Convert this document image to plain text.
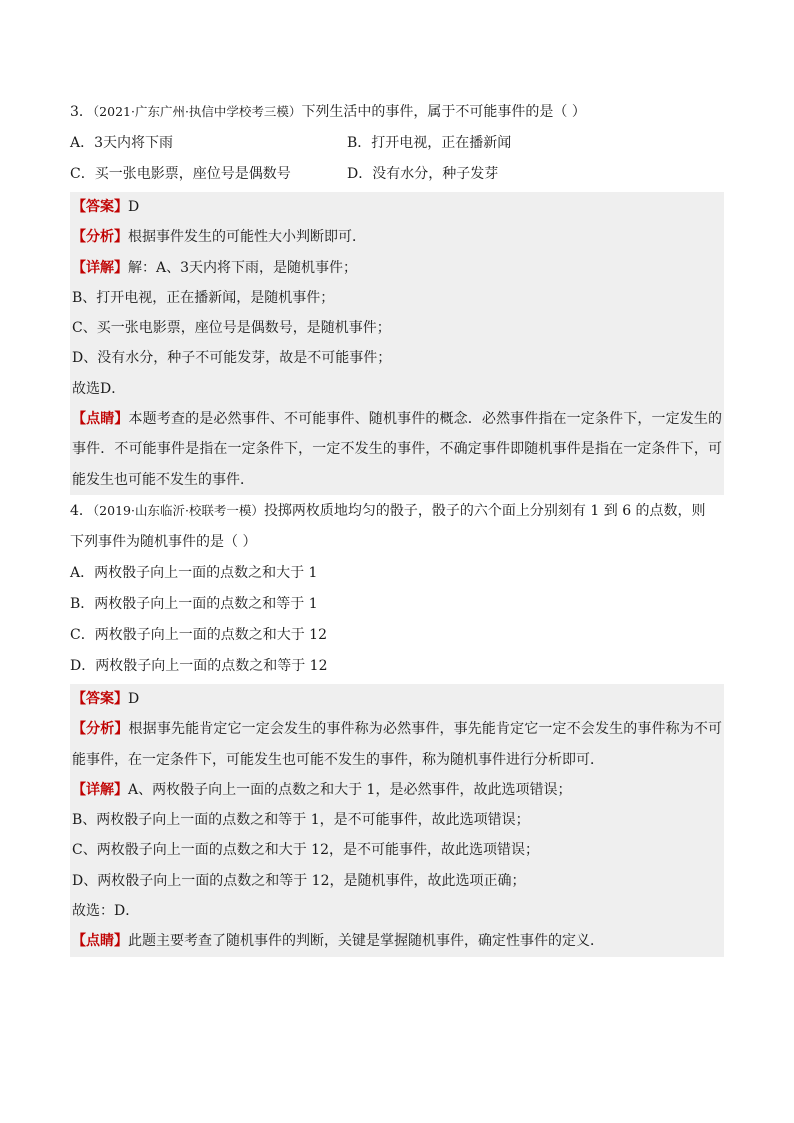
3．（2021·广东广州·执信中学校考三模）下列生活中的事件，属于不可能事件的是（ ）
A．3天内将下雨	B．打开电视，正在播新闻
C．买一张电影票，座位号是偶数号	D．没有水分，种子发芽
【答案】D
【分析】根据事件发生的可能性大小判断即可．
【详解】解：A、3天内将下雨，是随机事件；
B、打开电视，正在播新闻，是随机事件；
C、买一张电影票，座位号是偶数号，是随机事件；
D、没有水分，种子不可能发芽，故是不可能事件；
故选D．
【点睛】本题考查的是必然事件、不可能事件、随机事件的概念．必然事件指在一定条件下，一定发生的事件．不可能事件是指在一定条件下，一定不发生的事件，不确定事件即随机事件是指在一定条件下，可能发生也可能不发生的事件．
4．（2019·山东临沂·校联考一模）投掷两枚质地均匀的骰子，骰子的六个面上分别刻有 1 到 6 的点数，则
下列事件为随机事件的是（ ）
A．两枚骰子向上一面的点数之和大于 1
B．两枚骰子向上一面的点数之和等于 1
C．两枚骰子向上一面的点数之和大于 12
D．两枚骰子向上一面的点数之和等于 12
【答案】D
【分析】根据事先能肯定它一定会发生的事件称为必然事件，事先能肯定它一定不会发生的事件称为不可能事件，在一定条件下，可能发生也可能不发生的事件，称为随机事件进行分析即可．
【详解】A、两枚骰子向上一面的点数之和大于 1，是必然事件，故此选项错误；
B、两枚骰子向上一面的点数之和等于 1，是不可能事件，故此选项错误；
C、两枚骰子向上一面的点数之和大于 12，是不可能事件，故此选项错误；
D、两枚骰子向上一面的点数之和等于 12，是随机事件，故此选项正确；
故选：D．
【点睛】此题主要考查了随机事件的判断，关键是掌握随机事件，确定性事件的定义．
